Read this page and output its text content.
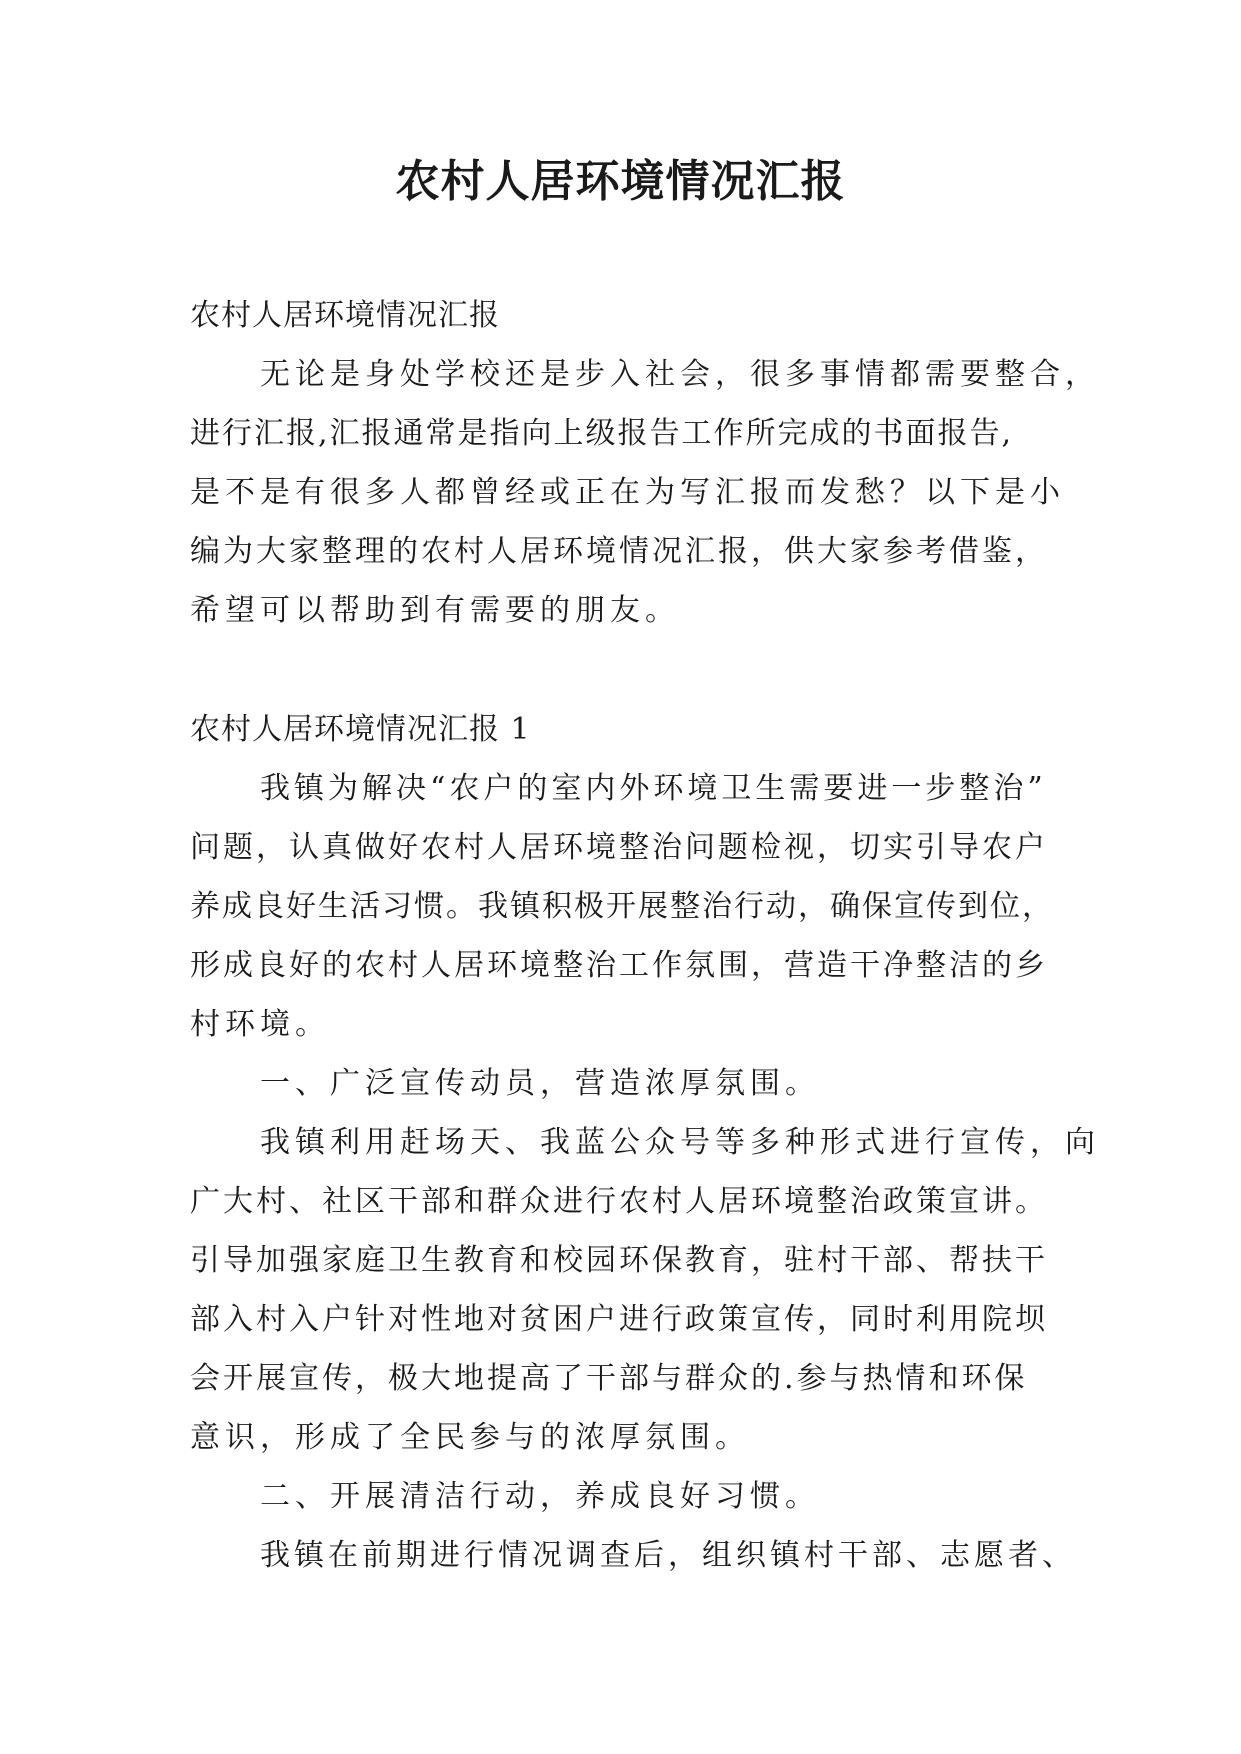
农村人居环境情况汇报

农村人居环境情况汇报

无论是身处学校还是步入社会，很多事情都需要整合，

进行汇报,汇报通常是指向上级报告工作所完成的书面报告,

是不是有很多人都曾经或正在为写汇报而发愁？以下是小

编为大家整理的农村人居环境情况汇报，供大家参考借鉴，

希望可以帮助到有需要的朋友。

农村人居环境情况汇报 1

我镇为解决“农户的室内外环境卫生需要进一步整治”

问题，认真做好农村人居环境整治问题检视，切实引导农户

养成良好生活习惯。我镇积极开展整治行动，确保宣传到位，

形成良好的农村人居环境整治工作氛围，营造干净整洁的乡

村环境。

一、广泛宣传动员，营造浓厚氛围。

我镇利用赶场天、我蓝公众号等多种形式进行宣传，向

广大村、社区干部和群众进行农村人居环境整治政策宣讲。

引导加强家庭卫生教育和校园环保教育，驻村干部、帮扶干

部入村入户针对性地对贫困户进行政策宣传，同时利用院坝

会开展宣传，极大地提高了干部与群众的.参与热情和环保

意识，形成了全民参与的浓厚氛围。

二、开展清洁行动，养成良好习惯。

我镇在前期进行情况调查后，组织镇村干部、志愿者、
